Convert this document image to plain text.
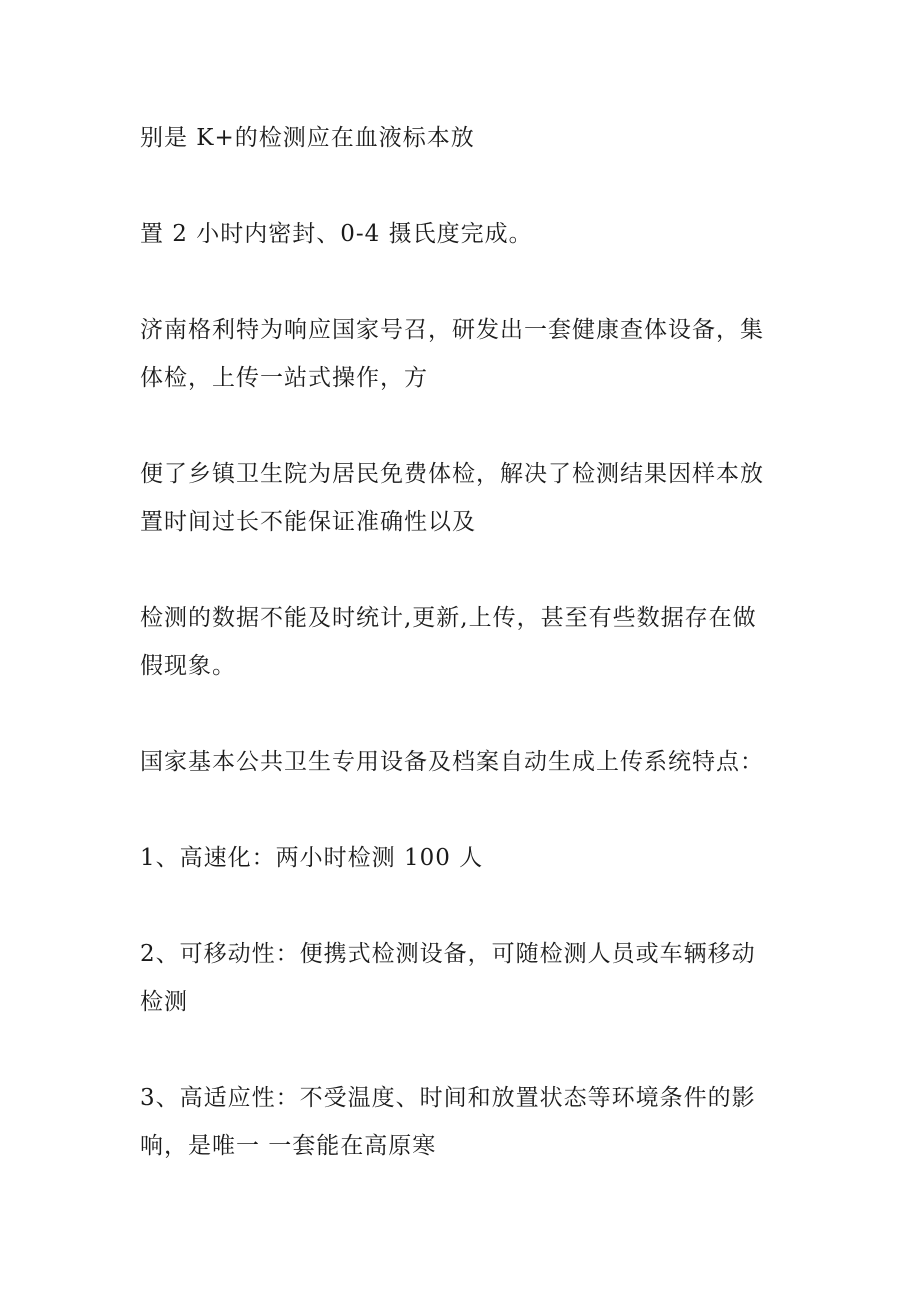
别是 K+的检测应在血液标本放

置 2 小时内密封、0-4 摄氏度完成。

济南格利特为响应国家号召，研发出一套健康查体设备，集
体检，上传一站式操作，方

便了乡镇卫生院为居民免费体检，解决了检测结果因样本放
置时间过长不能保证准确性以及

检测的数据不能及时统计,更新,上传，甚至有些数据存在做
假现象。

国家基本公共卫生专用设备及档案自动生成上传系统特点：

1、高速化：两小时检测 100 人

2、可移动性：便携式检测设备，可随检测人员或车辆移动
检测

3、高适应性：不受温度、时间和放置状态等环境条件的影
响，是唯一 一套能在高原寒
